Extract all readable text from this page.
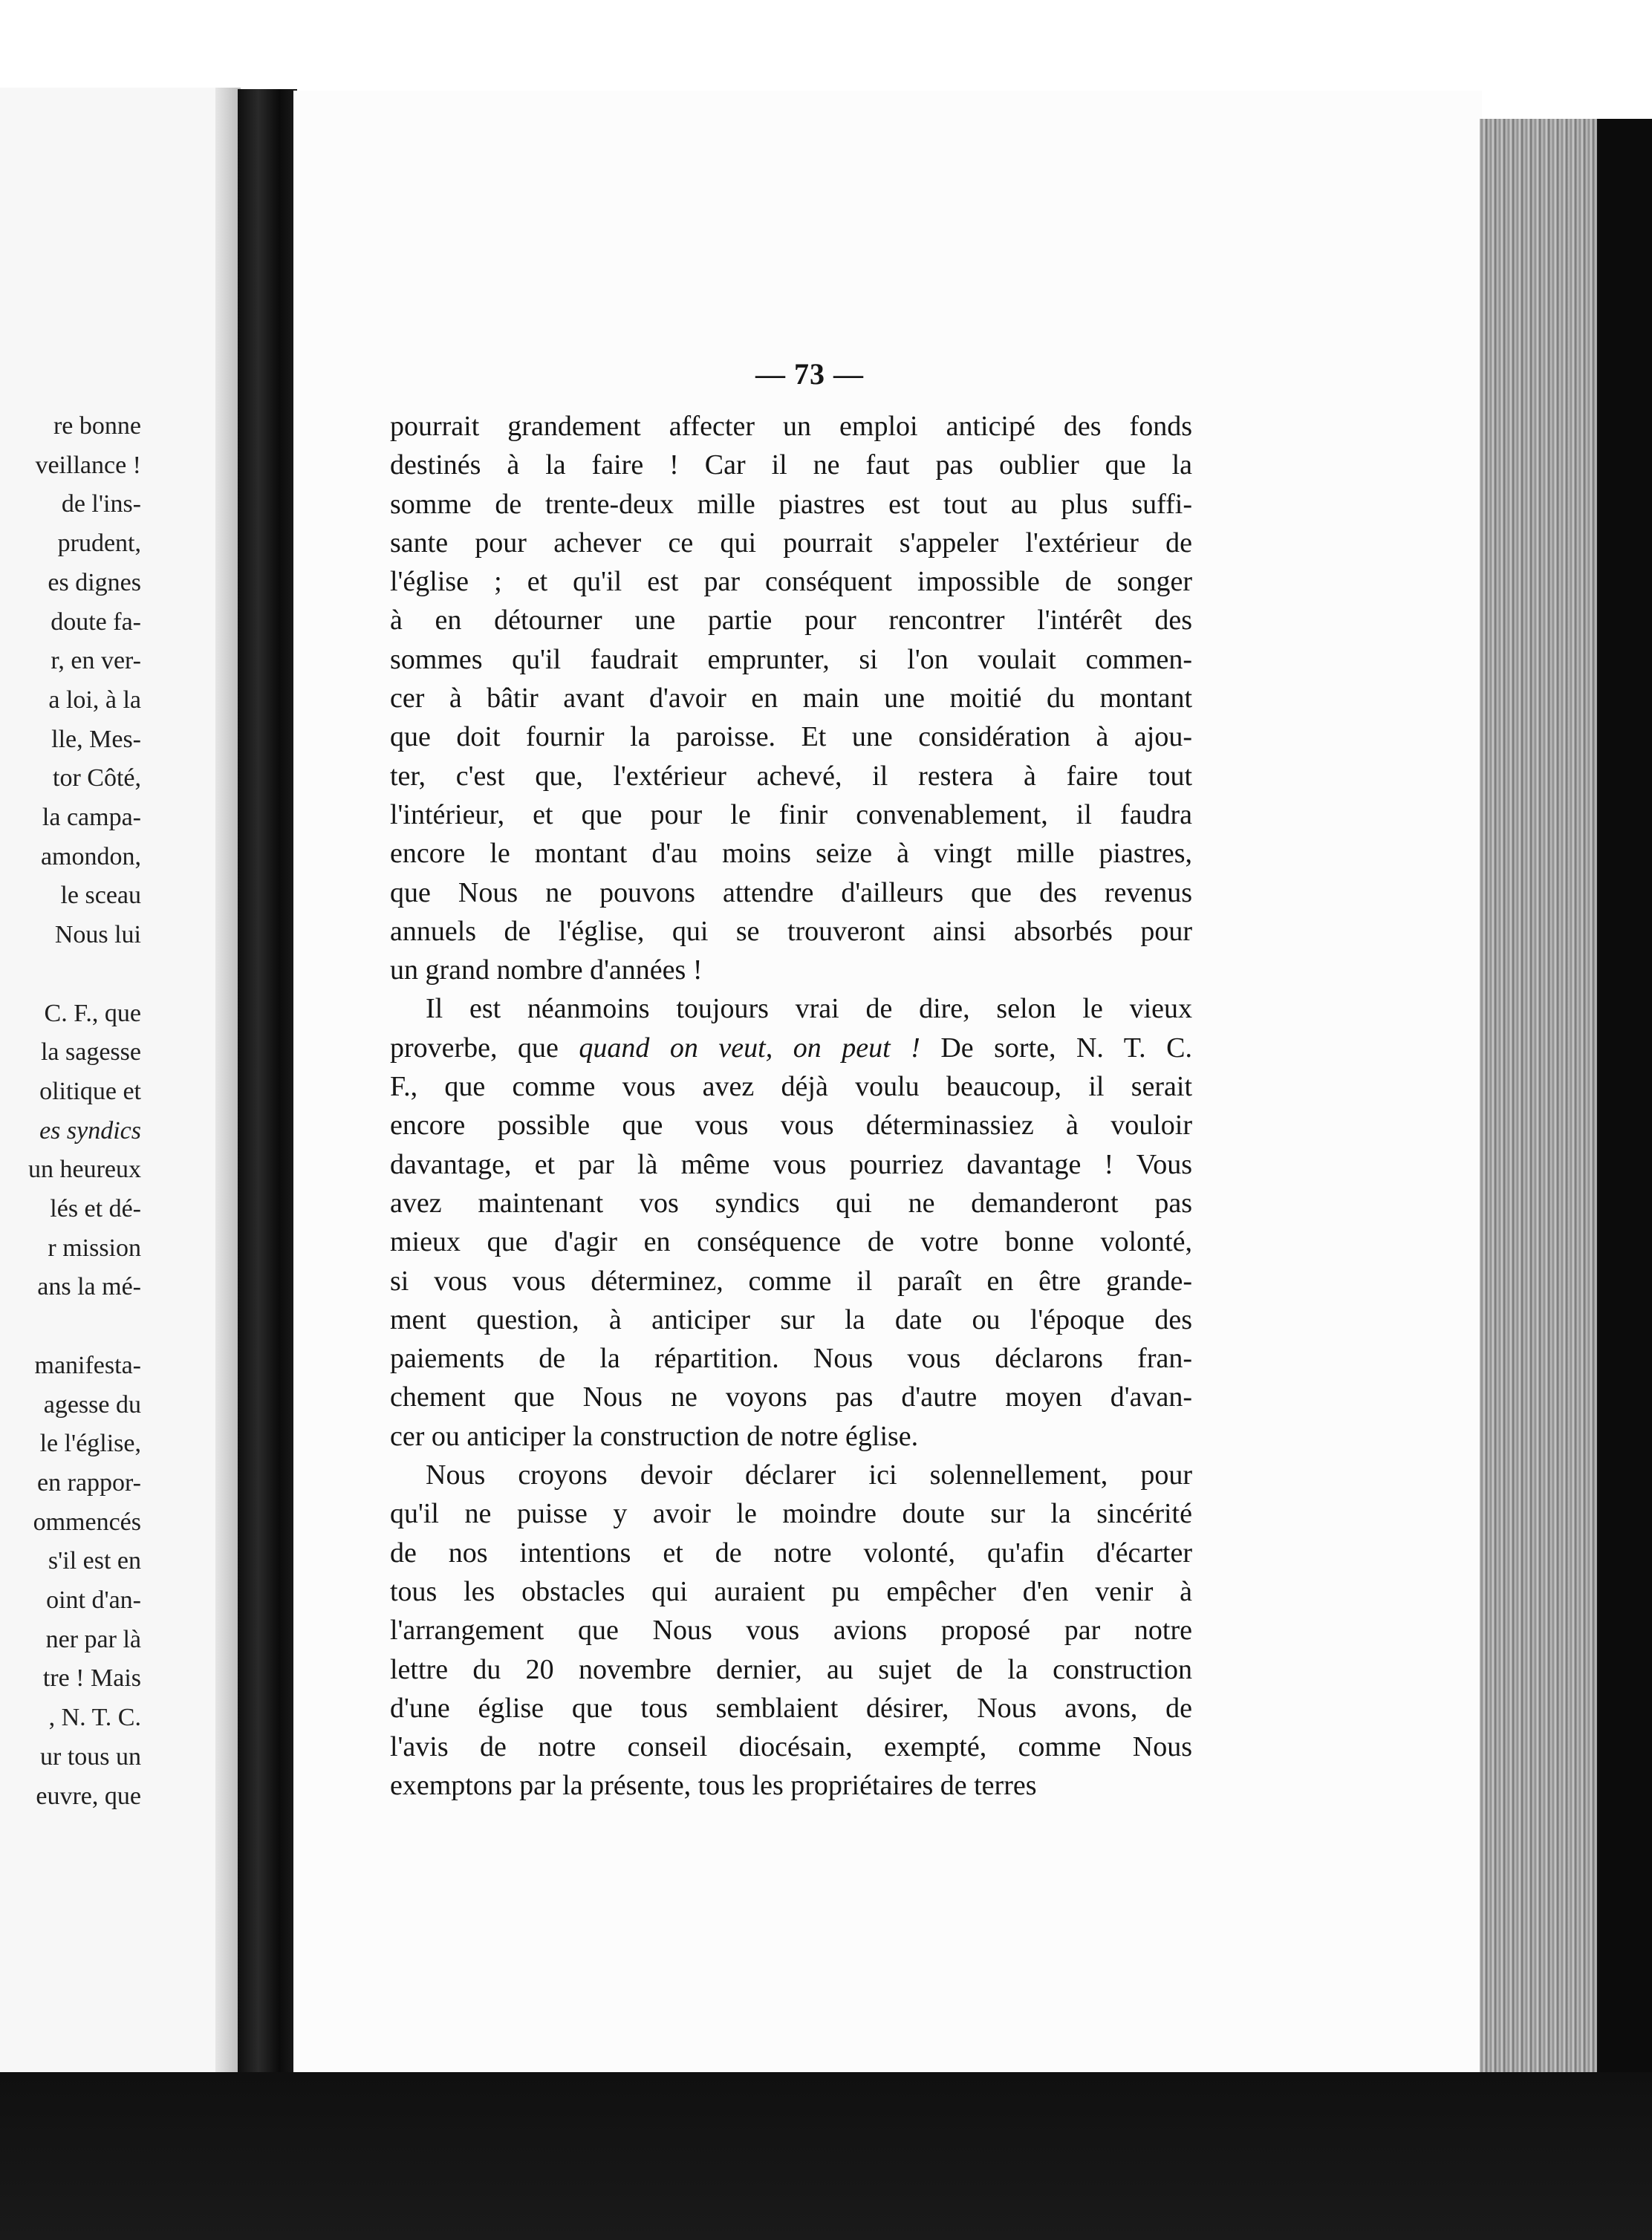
re bonne
veillance !
de l'ins-
prudent,
es dignes
doute fa-
r, en ver-
a loi, à la
lle, Mes-
tor Côté,
la campa-
amondon,
le sceau
Nous lui
C. F., que
la sagesse
olitique et
es syndics
un heureux
lés et dé-
r mission
ans la mé-
manifesta-
agesse du
le l'église,
en rappor-
ommencés
s'il est en
oint d'an-
ner par là
tre ! Mais
, N. T. C.
ur tous un
euvre, que
— 73 —
pourrait grandement affecter un emploi anticipé des fonds
destinés à la faire ! Car il ne faut pas oublier que la
somme de trente-deux mille piastres est tout au plus suffi-
sante pour achever ce qui pourrait s'appeler l'extérieur de
l'église ; et qu'il est par conséquent impossible de songer
à en détourner une partie pour rencontrer l'intérêt des
sommes qu'il faudrait emprunter, si l'on voulait commen-
cer à bâtir avant d'avoir en main une moitié du montant
que doit fournir la paroisse. Et une considération à ajou-
ter, c'est que, l'extérieur achevé, il restera à faire tout
l'intérieur, et que pour le finir convenablement, il faudra
encore le montant d'au moins seize à vingt mille piastres,
que Nous ne pouvons attendre d'ailleurs que des revenus
annuels de l'église, qui se trouveront ainsi absorbés pour
un grand nombre d'années !
Il est néanmoins toujours vrai de dire, selon le vieux
proverbe, que quand on veut, on peut ! De sorte, N. T. C.
F., que comme vous avez déjà voulu beaucoup, il serait
encore possible que vous vous déterminassiez à vouloir
davantage, et par là même vous pourriez davantage ! Vous
avez maintenant vos syndics qui ne demanderont pas
mieux que d'agir en conséquence de votre bonne volonté,
si vous vous déterminez, comme il paraît en être grande-
ment question, à anticiper sur la date ou l'époque des
paiements de la répartition. Nous vous déclarons fran-
chement que Nous ne voyons pas d'autre moyen d'avan-
cer ou anticiper la construction de notre église.
Nous croyons devoir déclarer ici solennellement, pour
qu'il ne puisse y avoir le moindre doute sur la sincérité
de nos intentions et de notre volonté, qu'afin d'écarter
tous les obstacles qui auraient pu empêcher d'en venir à
l'arrangement que Nous vous avions proposé par notre
lettre du 20 novembre dernier, au sujet de la construction
d'une église que tous semblaient désirer, Nous avons, de
l'avis de notre conseil diocésain, exempté, comme Nous
exemptons par la présente, tous les propriétaires de terres
